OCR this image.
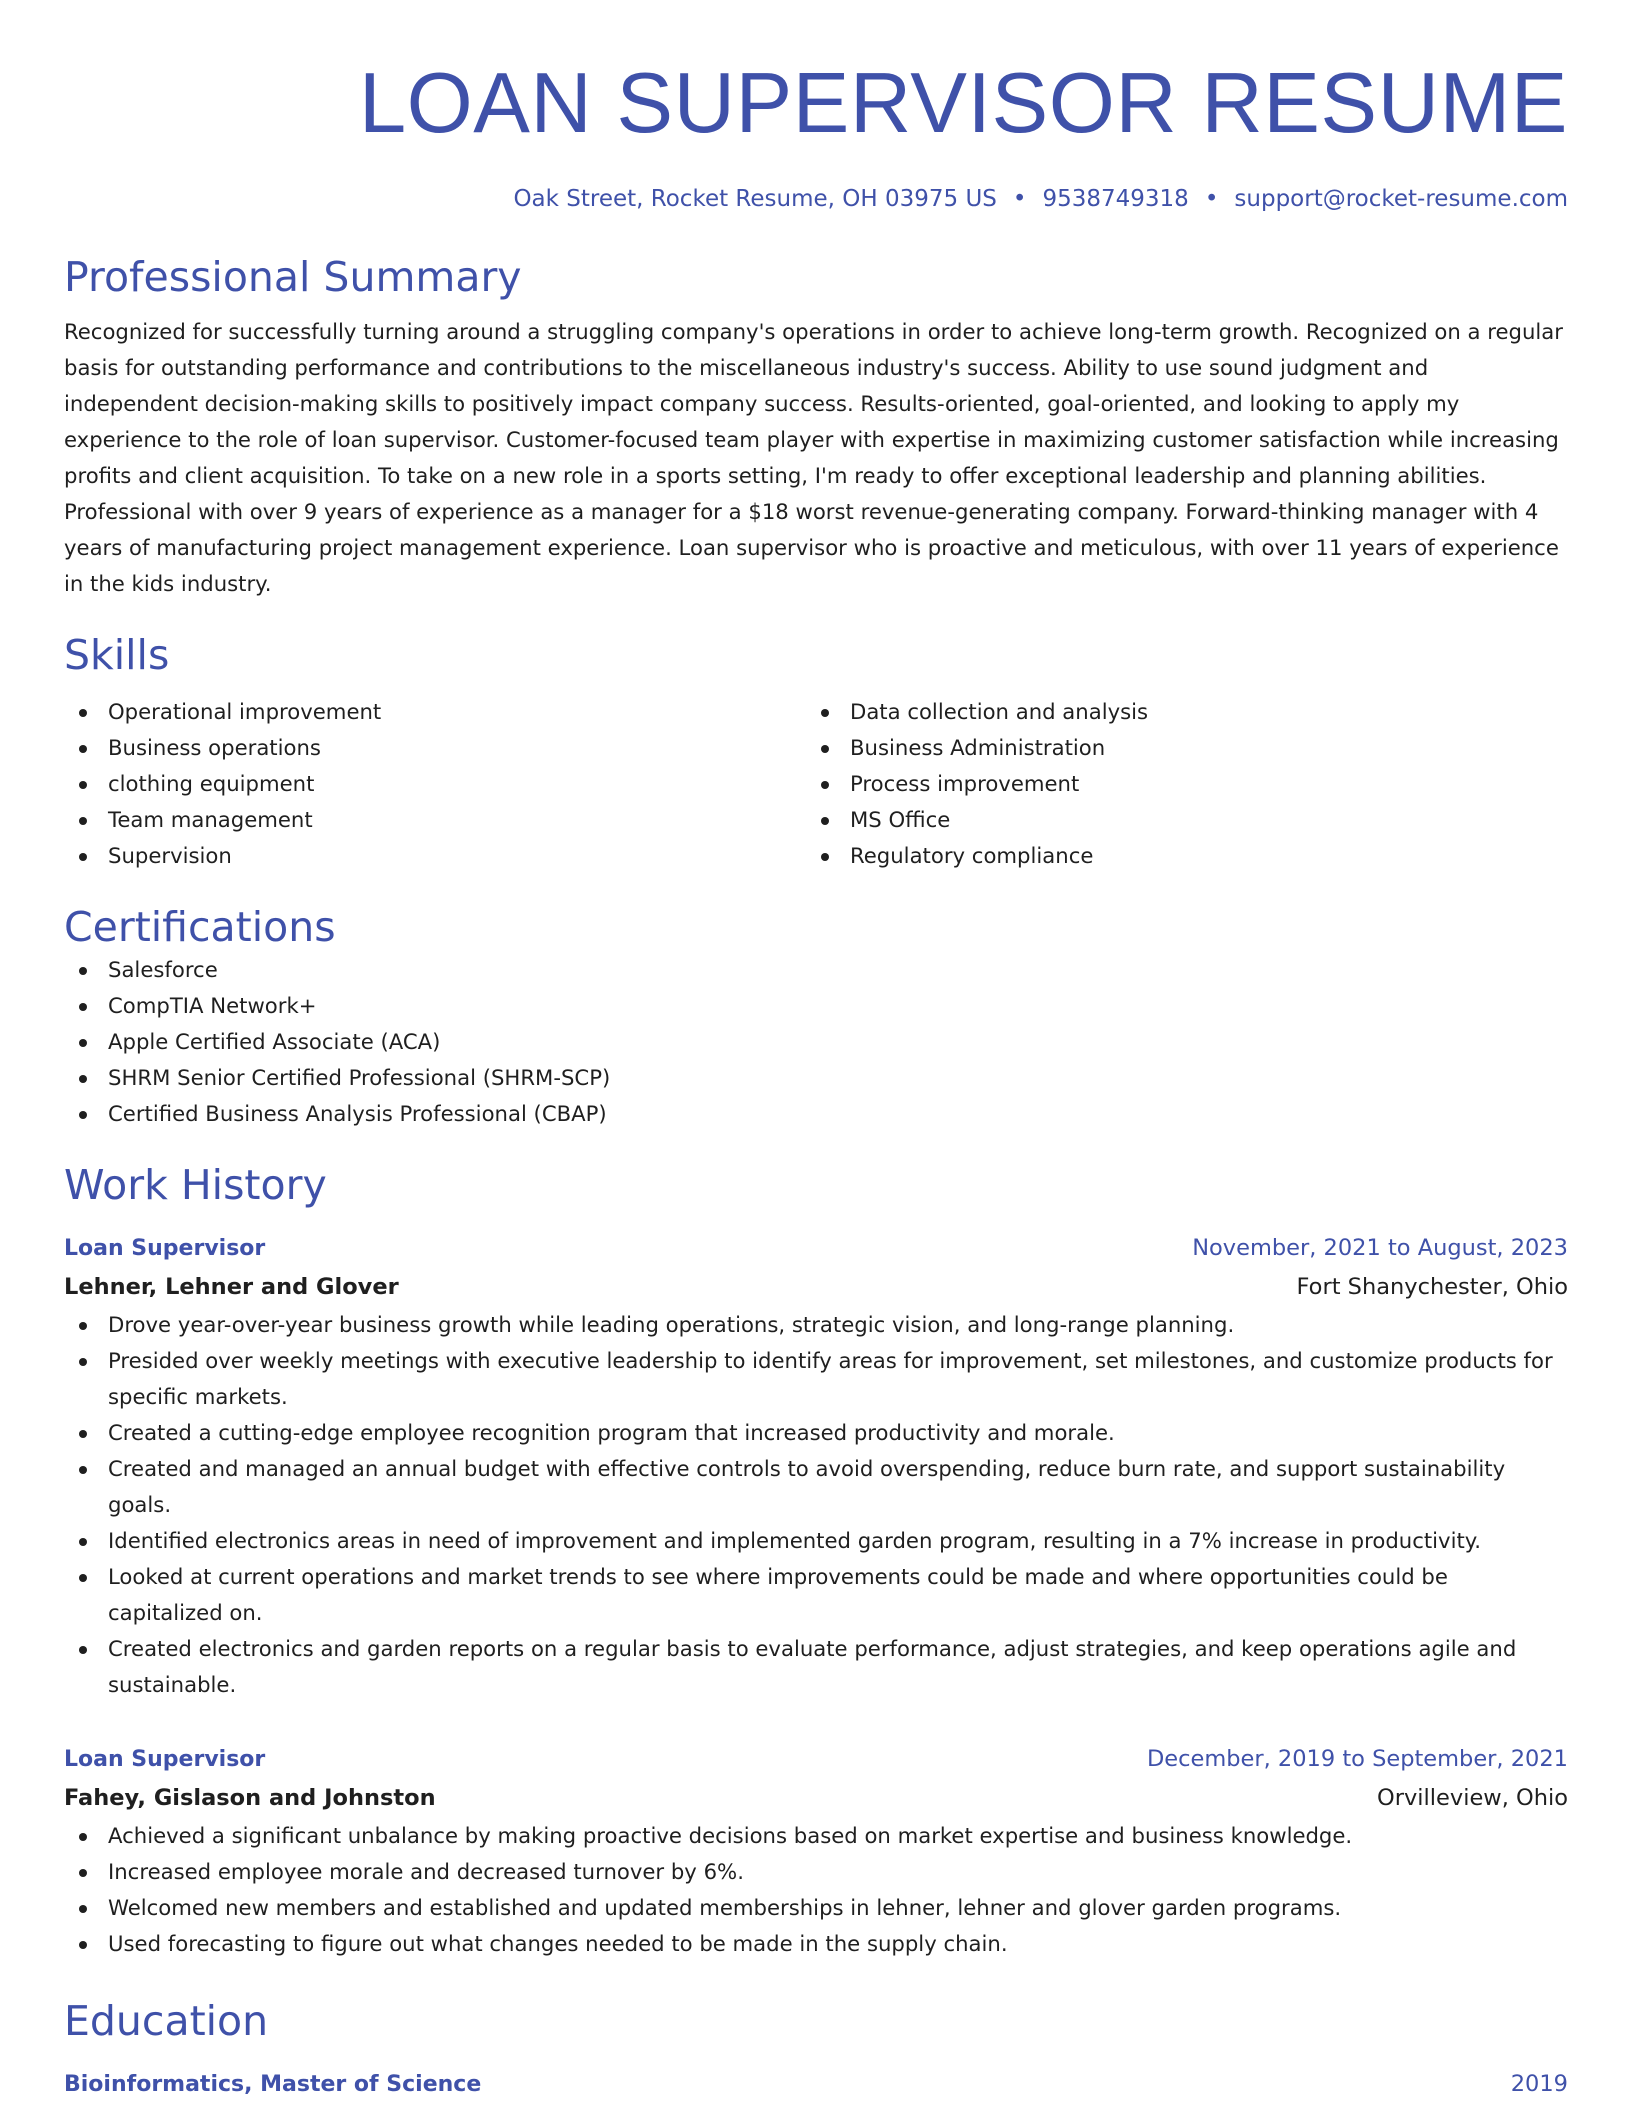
LOAN SUPERVISOR RESUME
Oak Street, Rocket Resume, OH 03975 US • 9538749318 • support@rocket-resume.com
Professional Summary

Recognized for successfully turning around a struggling company's operations in order to achieve long-term growth. Recognized on a regular basis for outstanding performance and contributions to the miscellaneous industry's success. Ability to use sound judgment and independent decision-making skills to positively impact company success. Results-oriented, goal-oriented, and looking to apply my experience to the role of loan supervisor. Customer-focused team player with expertise in maximizing customer satisfaction while increasing profits and client acquisition. To take on a new role in a sports setting, I'm ready to offer exceptional leadership and planning abilities. Professional with over 9 years of experience as a manager for a $18 worst revenue-generating company. Forward-thinking manager with 4 years of manufacturing project management experience. Loan supervisor who is proactive and meticulous, with over 11 years of experience in the kids industry.

Skills
Operational improvement
Business operations
clothing equipment
Team management
Supervision
Data collection and analysis
Business Administration
Process improvement
MS Office
Regulatory compliance
Certifications
Salesforce
CompTIA Network+
Apple Certified Associate (ACA)
SHRM Senior Certified Professional (SHRM-SCP)
Certified Business Analysis Professional (CBAP)
Work History
Loan Supervisor	November, 2021 to August, 2023
Lehner, Lehner and Glover	Fort Shanychester, Ohio
Drove year-over-year business growth while leading operations, strategic vision, and long-range planning.
Presided over weekly meetings with executive leadership to identify areas for improvement, set milestones, and customize products for specific markets.
Created a cutting-edge employee recognition program that increased productivity and morale.
Created and managed an annual budget with effective controls to avoid overspending, reduce burn rate, and support sustainability goals.
Identified electronics areas in need of improvement and implemented garden program, resulting in a 7% increase in productivity.
Looked at current operations and market trends to see where improvements could be made and where opportunities could be capitalized on.
Created electronics and garden reports on a regular basis to evaluate performance, adjust strategies, and keep operations agile and sustainable.
Loan Supervisor	December, 2019 to September, 2021
Fahey, Gislason and Johnston	Orvilleview, Ohio
Achieved a significant unbalance by making proactive decisions based on market expertise and business knowledge.
Increased employee morale and decreased turnover by 6%.
Welcomed new members and established and updated memberships in lehner, lehner and glover garden programs.
Used forecasting to figure out what changes needed to be made in the supply chain.
Education
Bioinformatics, Master of Science	2019
